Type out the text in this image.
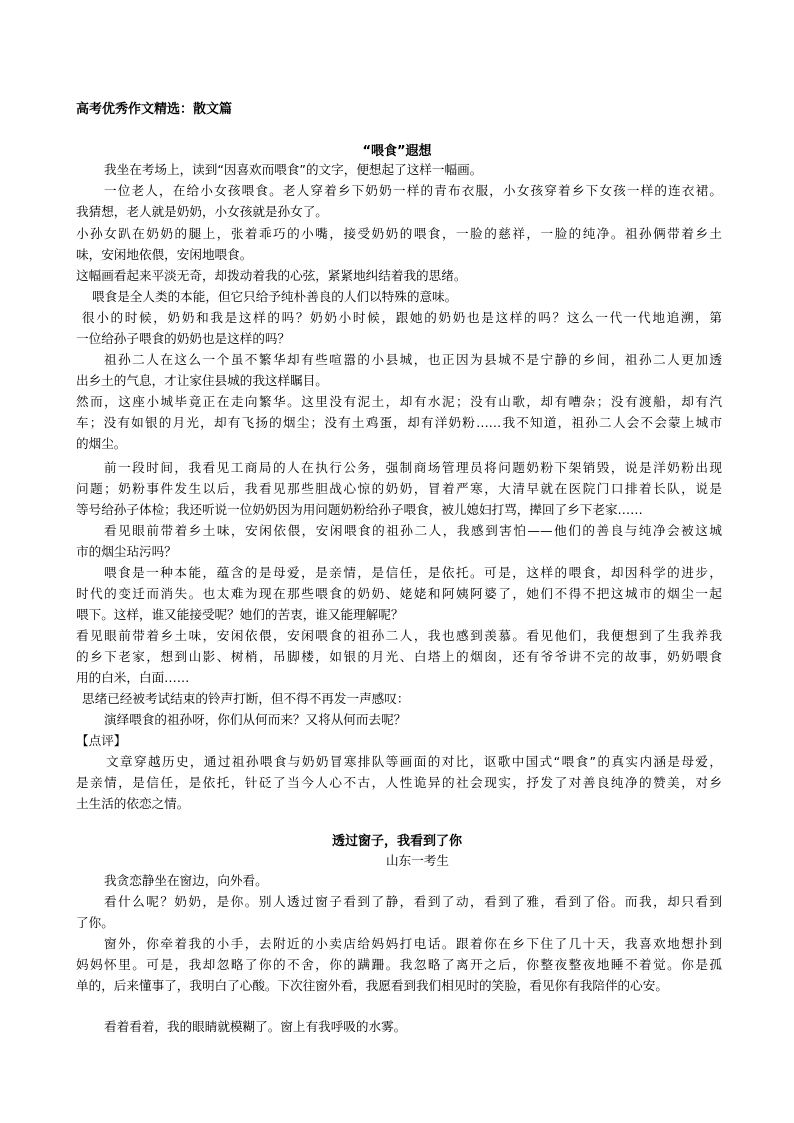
高考优秀作文精选：散文篇
“喂食”遐想
我坐在考场上，读到“因喜欢而喂食”的文字，便想起了这样一幅画。
一位老人，在给小女孩喂食。老人穿着乡下奶奶一样的青布衣服，小女孩穿着乡下女孩一样的连衣裙。
我猜想，老人就是奶奶，小女孩就是孙女了。
小孙女趴在奶奶的腿上，张着乖巧的小嘴，接受奶奶的喂食，一脸的慈祥，一脸的纯净。祖孙俩带着乡土
味，安闲地依偎，安闲地喂食。
这幅画看起来平淡无奇，却拨动着我的心弦，紧紧地纠结着我的思绪。
喂食是全人类的本能，但它只给予纯朴善良的人们以特殊的意味。
很小的时候，奶奶和我是这样的吗？奶奶小时候，跟她的奶奶也是这样的吗？这么一代一代地追溯，第
一位给孙子喂食的奶奶也是这样的吗？
祖孙二人在这么一个虽不繁华却有些喧嚣的小县城，也正因为县城不是宁静的乡间，祖孙二人更加透
出乡土的气息，才让家住县城的我这样瞩目。
然而，这座小城毕竟正在走向繁华。这里没有泥土，却有水泥；没有山歌，却有嘈杂；没有渡船，却有汽
车；没有如银的月光，却有飞扬的烟尘；没有土鸡蛋，却有洋奶粉……我不知道，祖孙二人会不会蒙上城市
的烟尘。
前一段时间，我看见工商局的人在执行公务，强制商场管理员将问题奶粉下架销毁，说是洋奶粉出现
问题；奶粉事件发生以后，我看见那些胆战心惊的奶奶，冒着严寒，大清早就在医院门口排着长队，说是
等号给孙子体检；我还听说一位奶奶因为用问题奶粉给孙子喂食，被儿媳妇打骂，撵回了乡下老家……
看见眼前带着乡土味，安闲依偎，安闲喂食的祖孙二人，我感到害怕——他们的善良与纯净会被这城
市的烟尘玷污吗？
喂食是一种本能，蕴含的是母爱，是亲情，是信任，是依托。可是，这样的喂食，却因科学的进步，
时代的变迁而消失。也太难为现在那些喂食的奶奶、姥姥和阿姨阿婆了，她们不得不把这城市的烟尘一起
喂下。这样，谁又能接受呢？她们的苦衷，谁又能理解呢？
看见眼前带着乡土味，安闲依偎，安闲喂食的祖孙二人，我也感到羡慕。看见他们，我便想到了生我养我
的乡下老家，想到山影、树梢，吊脚楼，如银的月光、白塔上的烟囱，还有爷爷讲不完的故事，奶奶喂食
用的白米，白面……
思绪已经被考试结束的铃声打断，但不得不再发一声感叹：
演绎喂食的祖孙呀，你们从何而来？又将从何而去呢？
【点评】
文章穿越历史，通过祖孙喂食与奶奶冒寒排队等画面的对比，讴歌中国式“喂食”的真实内涵是母爱，
是亲情，是信任，是依托，针砭了当今人心不古，人性诡异的社会现实，抒发了对善良纯净的赞美，对乡
土生活的依恋之情。
透过窗子，我看到了你
山东一考生
我贪恋静坐在窗边，向外看。
看什么呢？奶奶，是你。别人透过窗子看到了静，看到了动，看到了雅，看到了俗。而我，却只看到
了你。
窗外，你牵着我的小手，去附近的小卖店给妈妈打电话。跟着你在乡下住了几十天，我喜欢地想扑到
妈妈怀里。可是，我却忽略了你的不舍，你的蹒跚。我忽略了离开之后，你整夜整夜地睡不着觉。你是孤
单的，后来懂事了，我明白了心酸。下次往窗外看，我愿看到我们相见时的笑脸，看见你有我陪伴的心安。
看着看着，我的眼睛就模糊了。窗上有我呼吸的水雾。
